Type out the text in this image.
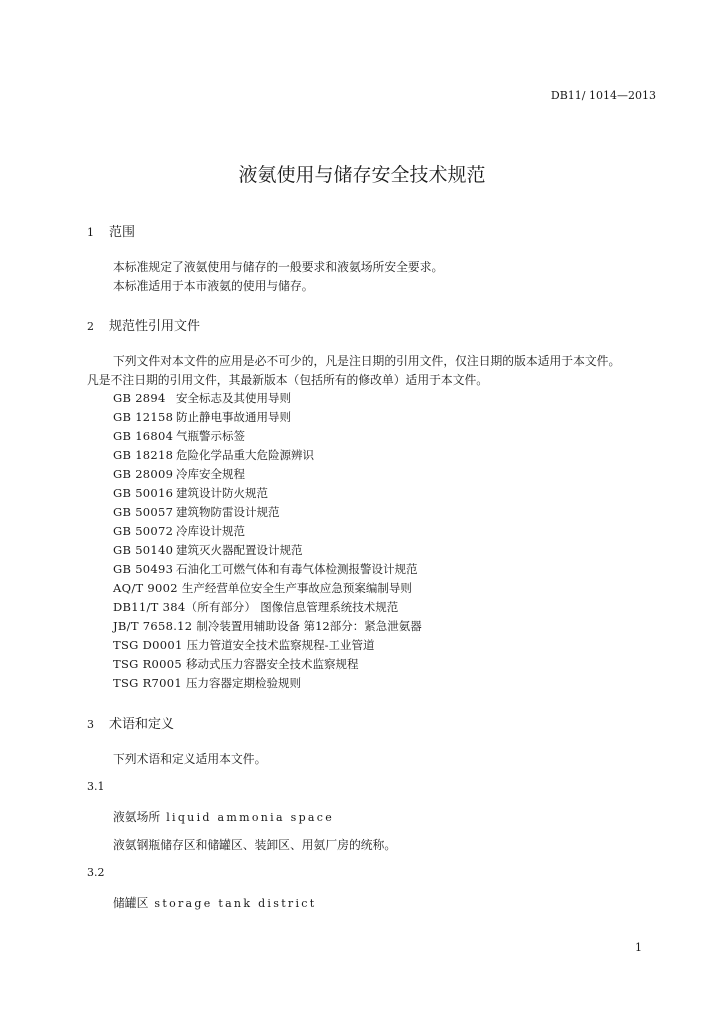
DB11/ 1014—2013
液氨使用与储存安全技术规范
1 范围
本标准规定了液氨使用与储存的一般要求和液氨场所安全要求。
本标准适用于本市液氨的使用与储存。
2 规范性引用文件
下列文件对本文件的应用是必不可少的，凡是注日期的引用文件，仅注日期的版本适用于本文件。
凡是不注日期的引用文件，其最新版本（包括所有的修改单）适用于本文件。
GB 2894 安全标志及其使用导则
GB 12158 防止静电事故通用导则
GB 16804 气瓶警示标签
GB 18218 危险化学品重大危险源辨识
GB 28009 冷库安全规程
GB 50016 建筑设计防火规范
GB 50057 建筑物防雷设计规范
GB 50072 冷库设计规范
GB 50140 建筑灭火器配置设计规范
GB 50493 石油化工可燃气体和有毒气体检测报警设计规范
AQ/T 9002 生产经营单位安全生产事故应急预案编制导则
DB11/T 384（所有部分） 图像信息管理系统技术规范
JB/T 7658.12 制冷装置用辅助设备 第12部分：紧急泄氨器
TSG D0001 压力管道安全技术监察规程-工业管道
TSG R0005 移动式压力容器安全技术监察规程
TSG R7001 压力容器定期检验规则
3 术语和定义
下列术语和定义适用本文件。
3.1
液氨场所 liquid ammonia space
液氨钢瓶储存区和储罐区、装卸区、用氨厂房的统称。
3.2
储罐区 storage tank district
1
